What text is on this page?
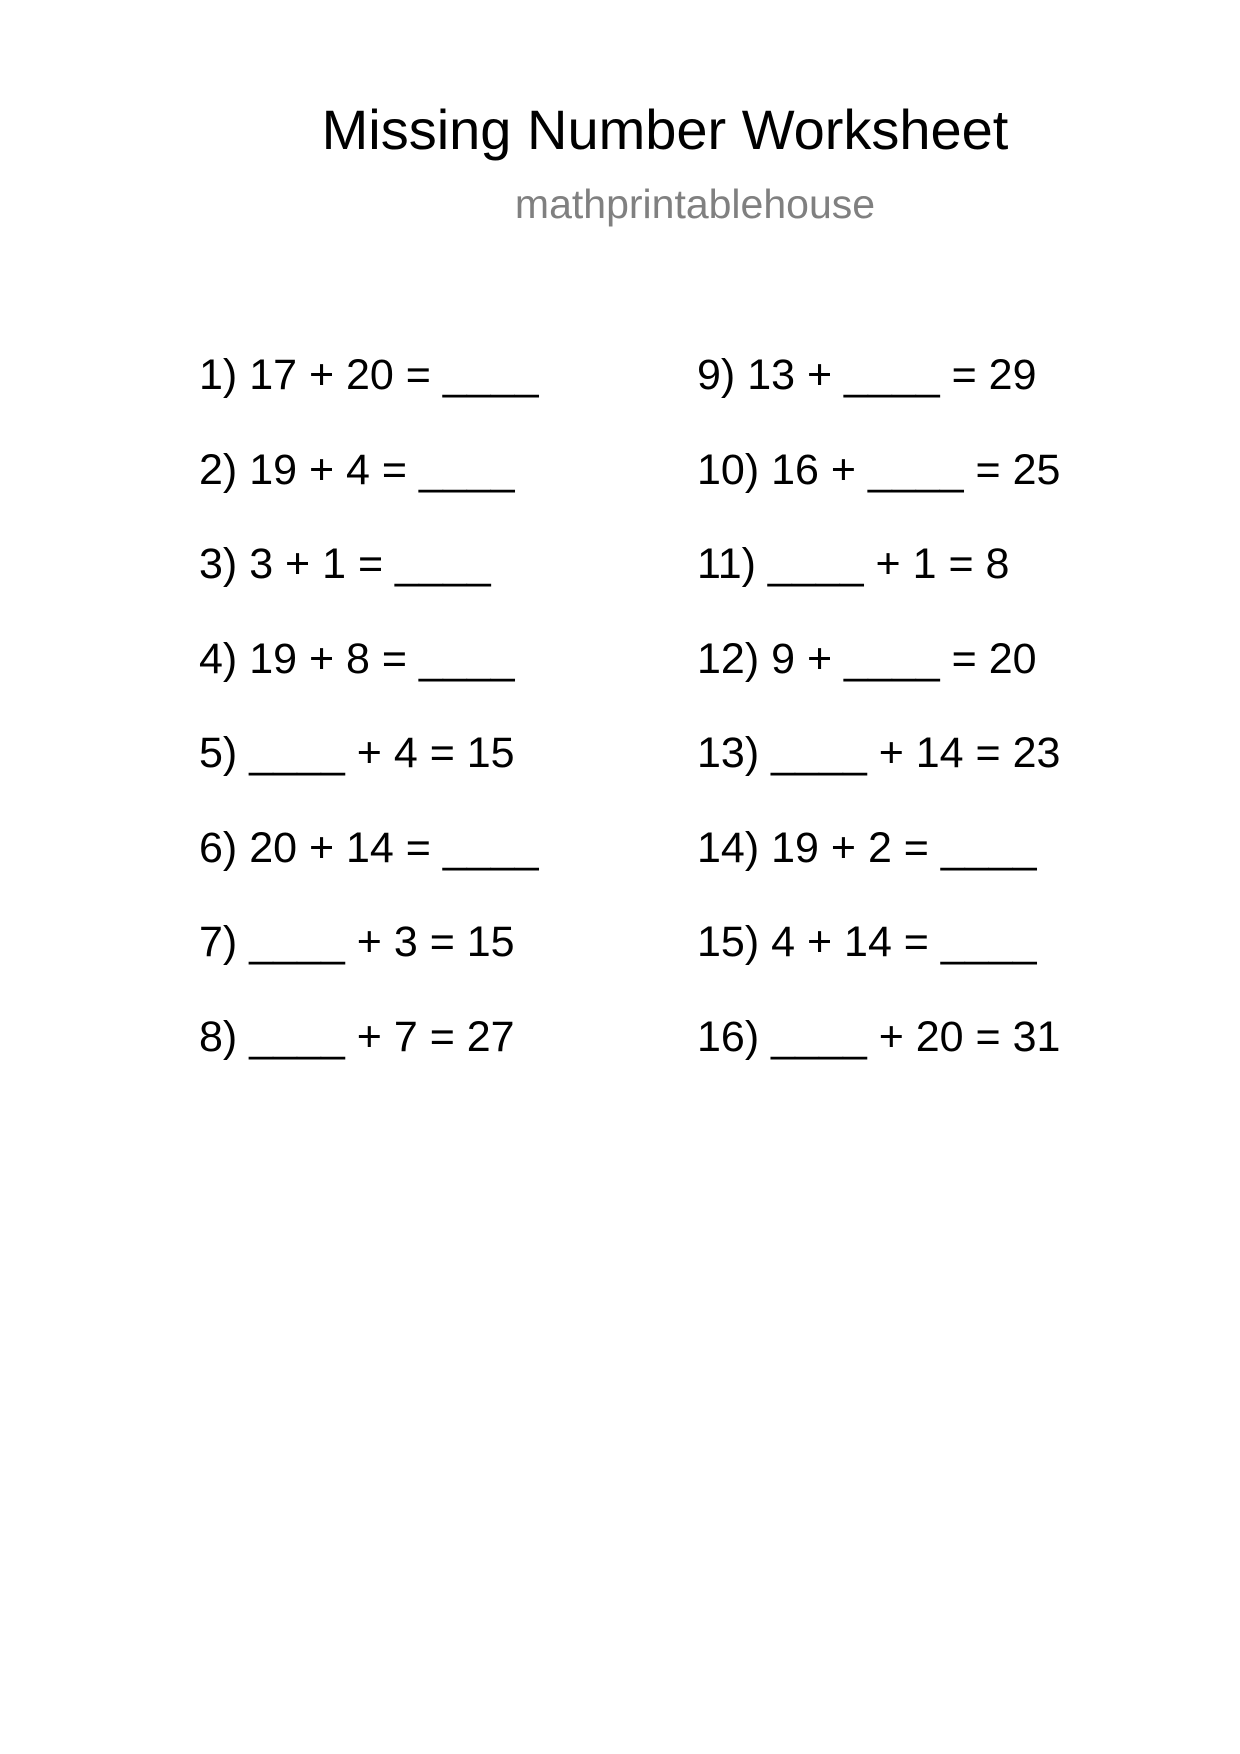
Missing Number Worksheet
mathprintablehouse
1) 17 + 20 = ____
2) 19 + 4 = ____
3) 3 + 1 = ____
4) 19 + 8 = ____
5) ____ + 4 = 15
6) 20 + 14 = ____
7) ____ + 3 = 15
8) ____ + 7 = 27
9) 13 + ____ = 29
10) 16 + ____ = 25
11) ____ + 1 = 8
12) 9 + ____ = 20
13) ____ + 14 = 23
14) 19 + 2 = ____
15) 4 + 14 = ____
16) ____ + 20 = 31
